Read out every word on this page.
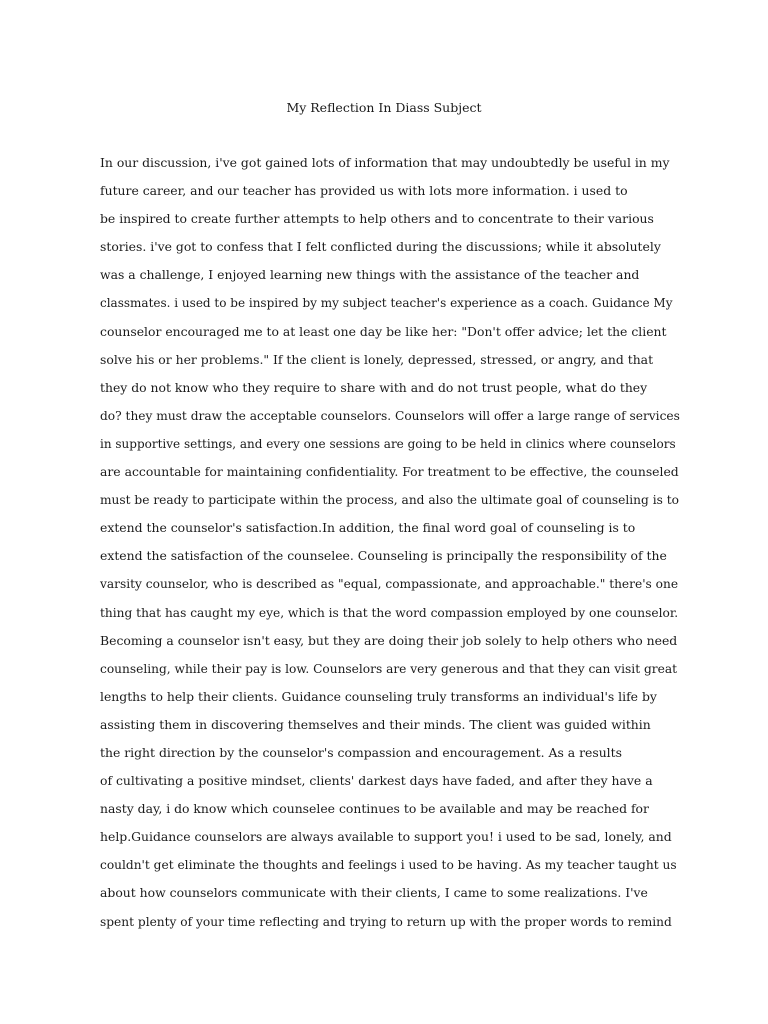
My Reflection In Diass Subject
In our discussion, i've got gained lots of information that may undoubtedly be useful in my
future career, and our teacher has provided us with lots more information. i used to
be inspired to create further attempts to help others and to concentrate to their various
stories. i've got to confess that I felt conflicted during the discussions; while it absolutely
was a challenge, I enjoyed learning new things with the assistance of the teacher and
classmates. i used to be inspired by my subject teacher's experience as a coach. Guidance My
counselor encouraged me to at least one day be like her: "Don't offer advice; let the client
solve his or her problems." If the client is lonely, depressed, stressed, or angry, and that
they do not know who they require to share with and do not trust people, what do they
do? they must draw the acceptable counselors. Counselors will offer a large range of services
in supportive settings, and every one sessions are going to be held in clinics where counselors
are accountable for maintaining confidentiality. For treatment to be effective, the counseled
must be ready to participate within the process, and also the ultimate goal of counseling is to
extend the counselor's satisfaction.In addition, the final word goal of counseling is to
extend the satisfaction of the counselee. Counseling is principally the responsibility of the
varsity counselor, who is described as "equal, compassionate, and approachable." there's one
thing that has caught my eye, which is that the word compassion employed by one counselor.
Becoming a counselor isn't easy, but they are doing their job solely to help others who need
counseling, while their pay is low. Counselors are very generous and that they can visit great
lengths to help their clients. Guidance counseling truly transforms an individual's life by
assisting them in discovering themselves and their minds. The client was guided within
the right direction by the counselor's compassion and encouragement. As a results
of cultivating a positive mindset, clients' darkest days have faded, and after they have a
nasty day, i do know which counselee continues to be available and may be reached for
help.Guidance counselors are always available to support you! i used to be sad, lonely, and
couldn't get eliminate the thoughts and feelings i used to be having. As my teacher taught us
about how counselors communicate with their clients, I came to some realizations. I've
spent plenty of your time reflecting and trying to return up with the proper words to remind
